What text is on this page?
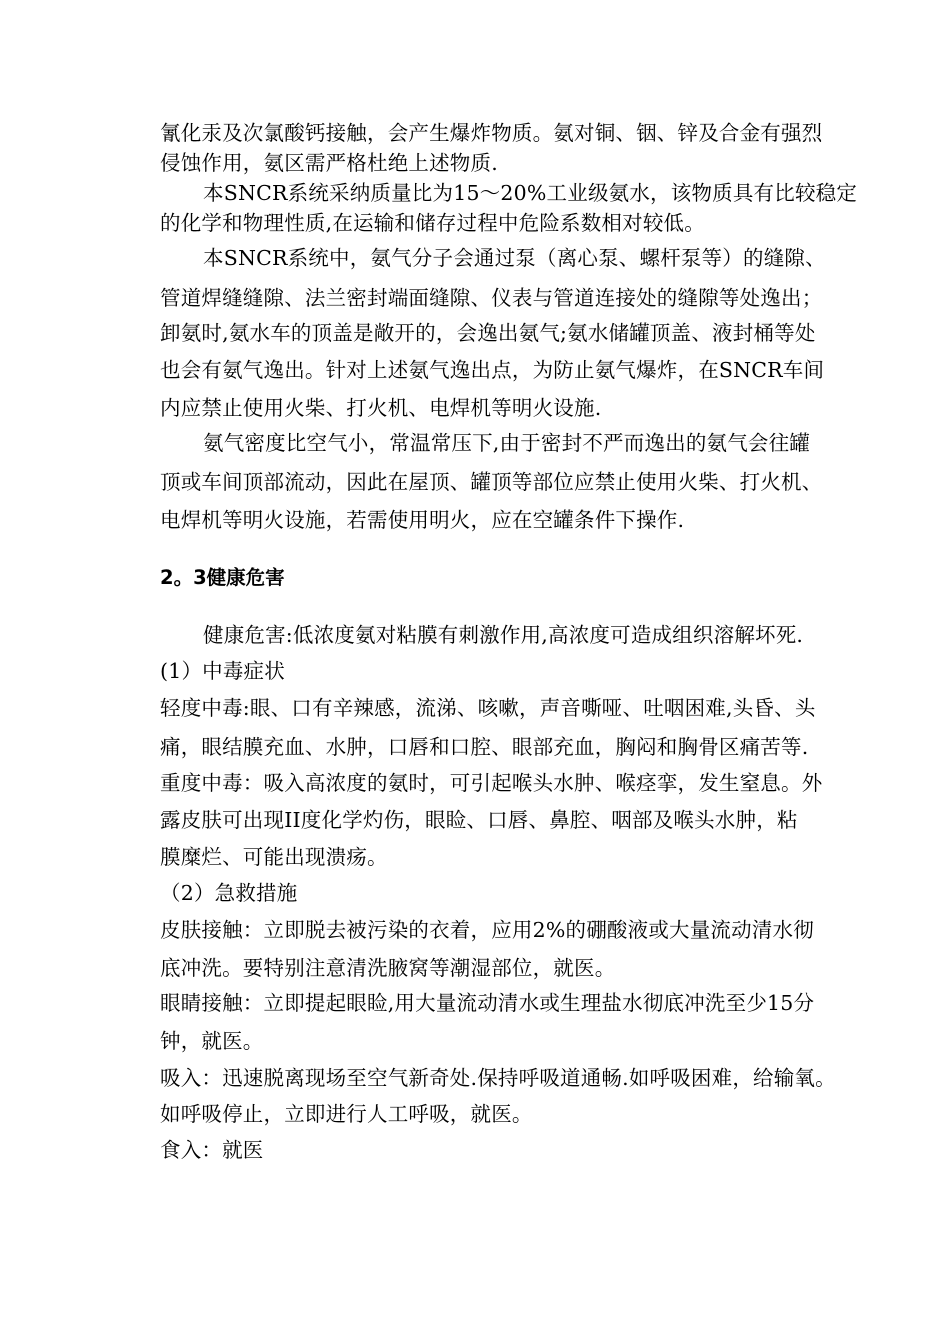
氰化汞及次氯酸钙接触，会产生爆炸物质。氨对铜、铟、锌及合金有强烈
侵蚀作用，氨区需严格杜绝上述物质.
本SNCR系统采纳质量比为15～20%工业级氨水，该物质具有比较稳定
的化学和物理性质,在运输和储存过程中危险系数相对较低。
本SNCR系统中，氨气分子会通过泵（离心泵、螺杆泵等）的缝隙、
管道焊缝缝隙、法兰密封端面缝隙、仪表与管道连接处的缝隙等处逸出；
卸氨时,氨水车的顶盖是敞开的，会逸出氨气;氨水储罐顶盖、液封桶等处
也会有氨气逸出。针对上述氨气逸出点，为防止氨气爆炸，在SNCR车间
内应禁止使用火柴、打火机、电焊机等明火设施.
氨气密度比空气小，常温常压下,由于密封不严而逸出的氨气会往罐
顶或车间顶部流动，因此在屋顶、罐顶等部位应禁止使用火柴、打火机、
电焊机等明火设施，若需使用明火，应在空罐条件下操作.
2。3健康危害
健康危害:低浓度氨对粘膜有刺激作用,高浓度可造成组织溶解坏死.
(1）中毒症状
轻度中毒:眼、口有辛辣感，流涕、咳嗽，声音嘶哑、吐咽困难,头昏、头
痛，眼结膜充血、水肿，口唇和口腔、眼部充血，胸闷和胸骨区痛苦等.
重度中毒：吸入高浓度的氨时，可引起喉头水肿、喉痉挛，发生窒息。外
露皮肤可出现II度化学灼伤，眼睑、口唇、鼻腔、咽部及喉头水肿，粘
膜糜烂、可能出现溃疡。
（2）急救措施
皮肤接触：立即脱去被污染的衣着，应用2%的硼酸液或大量流动清水彻
底冲洗。要特别注意清洗腋窝等潮湿部位，就医。
眼睛接触：立即提起眼睑,用大量流动清水或生理盐水彻底冲洗至少15分
钟，就医。
吸入：迅速脱离现场至空气新奇处.保持呼吸道通畅.如呼吸困难，给输氧。
如呼吸停止，立即进行人工呼吸，就医。
食入：就医
